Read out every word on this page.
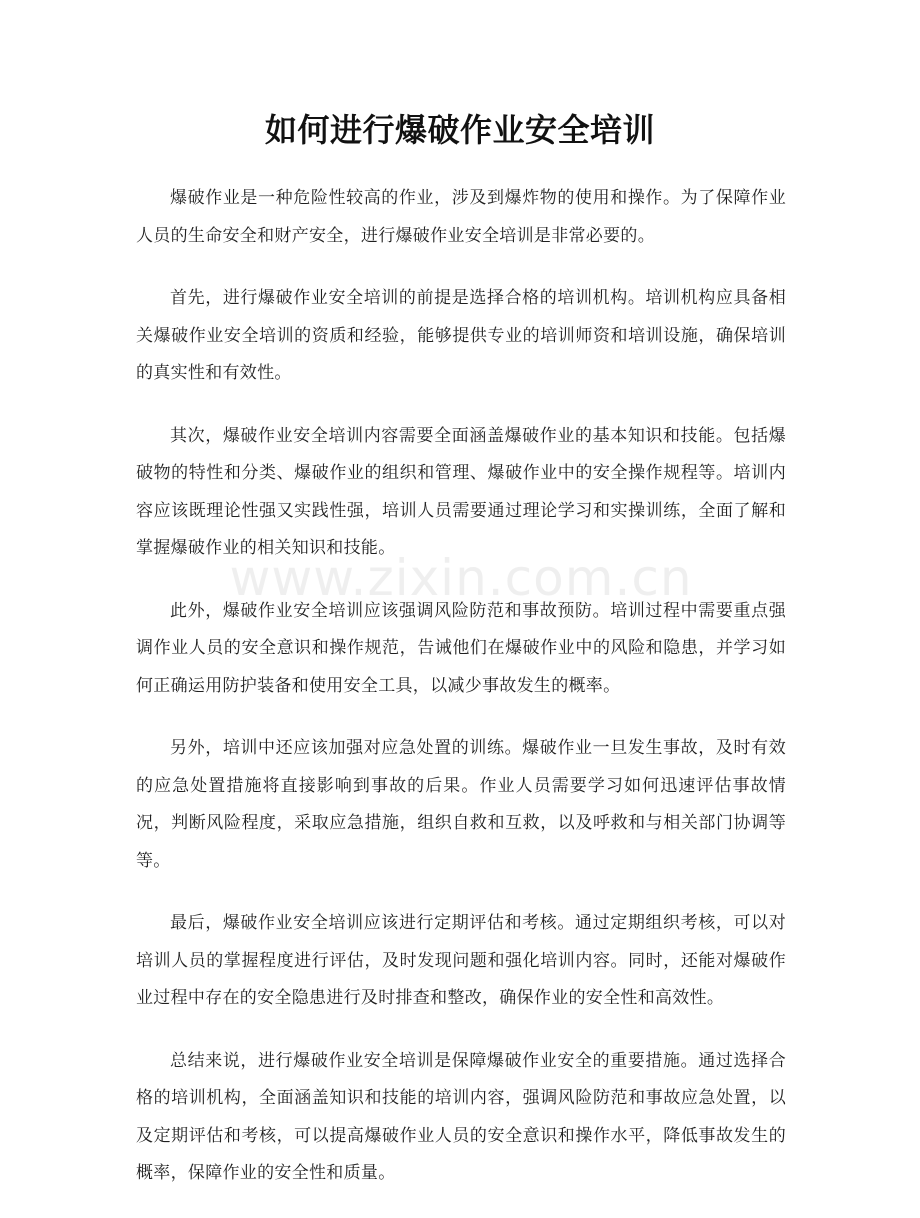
如何进行爆破作业安全培训
www.zixin.com.cn

爆破作业是一种危险性较高的作业，涉及到爆炸物的使用和操作。为了保障作业人员的生命安全和财产安全，进行爆破作业安全培训是非常必要的。

首先，进行爆破作业安全培训的前提是选择合格的培训机构。培训机构应具备相关爆破作业安全培训的资质和经验，能够提供专业的培训师资和培训设施，确保培训的真实性和有效性。

其次，爆破作业安全培训内容需要全面涵盖爆破作业的基本知识和技能。包括爆破物的特性和分类、爆破作业的组织和管理、爆破作业中的安全操作规程等。培训内容应该既理论性强又实践性强，培训人员需要通过理论学习和实操训练，全面了解和掌握爆破作业的相关知识和技能。

此外，爆破作业安全培训应该强调风险防范和事故预防。培训过程中需要重点强调作业人员的安全意识和操作规范，告诫他们在爆破作业中的风险和隐患，并学习如何正确运用防护装备和使用安全工具，以减少事故发生的概率。

另外，培训中还应该加强对应急处置的训练。爆破作业一旦发生事故，及时有效的应急处置措施将直接影响到事故的后果。作业人员需要学习如何迅速评估事故情况，判断风险程度，采取应急措施，组织自救和互救，以及呼救和与相关部门协调等等。

最后，爆破作业安全培训应该进行定期评估和考核。通过定期组织考核，可以对培训人员的掌握程度进行评估，及时发现问题和强化培训内容。同时，还能对爆破作业过程中存在的安全隐患进行及时排查和整改，确保作业的安全性和高效性。

总结来说，进行爆破作业安全培训是保障爆破作业安全的重要措施。通过选择合格的培训机构，全面涵盖知识和技能的培训内容，强调风险防范和事故应急处置，以及定期评估和考核，可以提高爆破作业人员的安全意识和操作水平，降低事故发生的概率，保障作业的安全性和质量。
